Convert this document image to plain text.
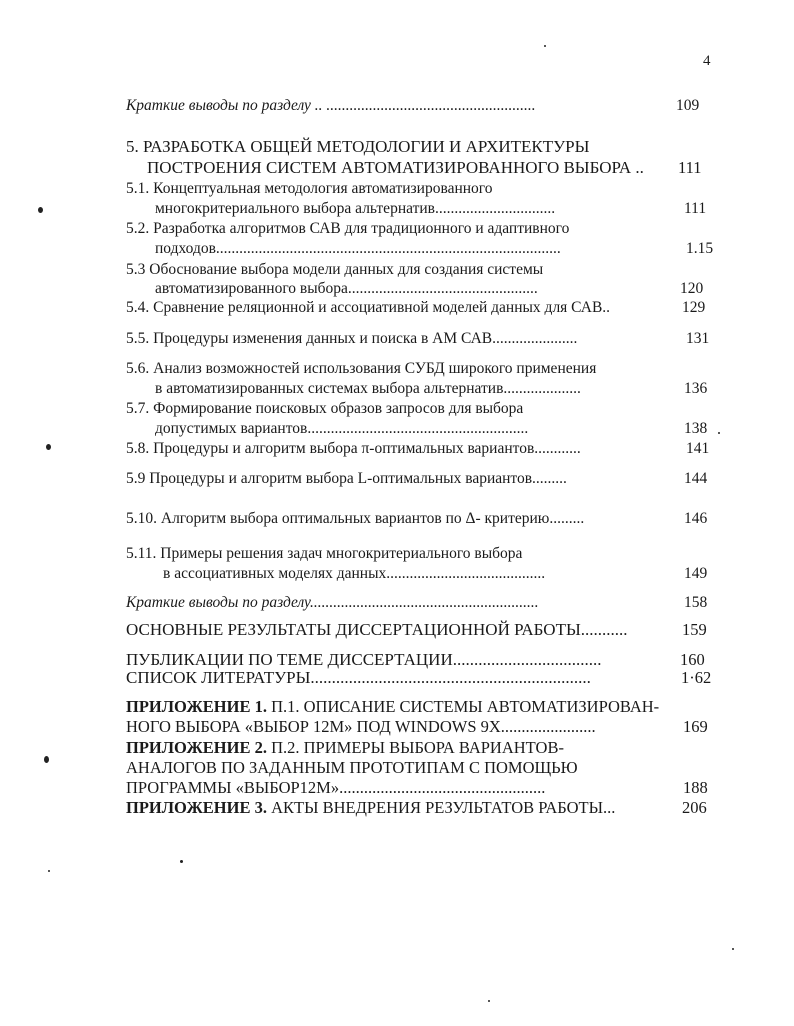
4
Краткие выводы по разделу .. ......................................................	109
5. РАЗРАБОТКА ОБЩЕЙ МЕТОДОЛОГИИ И АРХИТЕКТУРЫ
ПОСТРОЕНИЯ СИСТЕМ АВТОМАТИЗИРОВАННОГО ВЫБОРА .. 111
5.1. Концептуальная методология автоматизированного
многокритериального выбора альтернатив...............................	111
5.2. Разработка алгоритмов САВ для традиционного и адаптивного
подходов.........................................................................................	1.15
5.3 Обоснование выбора модели данных для создания системы
автоматизированного выбора.................................................	120
5.4. Сравнение реляционной и ассоциативной моделей данных для САВ..	129
5.5. Процедуры изменения данных и поиска в АМ САВ......................	131
5.6. Анализ возможностей использования СУБД широкого применения
в автоматизированных системах выбора альтернатив....................	136
5.7. Формирование поисковых образов запросов для выбора
допустимых вариантов.........................................................	138
5.8. Процедуры и алгоритм выбора π-оптимальных вариантов............	141
5.9 Процедуры и алгоритм выбора L-оптимальных вариантов.........	144
5.10. Алгоритм выбора оптимальных вариантов по Δ- критерию.........	146
5.11. Примеры решения задач многокритериального выбора
в ассоциативных моделях данных.........................................	149
Краткие выводы по разделу...........................................................	158
ОСНОВНЫЕ РЕЗУЛЬТАТЫ ДИССЕРТАЦИОННОЙ РАБОТЫ...........	159
ПУБЛИКАЦИИ ПО ТЕМЕ ДИССЕРТАЦИИ...................................	160
СПИСОК ЛИТЕРАТУРЫ..................................................................	1·62
ПРИЛОЖЕНИЕ 1. П.1. ОПИСАНИЕ СИСТЕМЫ АВТОМАТИЗИРОВАН-
НОГО ВЫБОРА «ВЫБОР 12М» ПОД WINDOWS 9X.......................	169
ПРИЛОЖЕНИЕ 2. П.2. ПРИМЕРЫ ВЫБОРА ВАРИАНТОВ-
АНАЛОГОВ ПО ЗАДАННЫМ ПРОТОТИПАМ С ПОМОЩЬЮ
ПРОГРАММЫ «ВЫБОР12М»..................................................	188
ПРИЛОЖЕНИЕ 3. АКТЫ ВНЕДРЕНИЯ РЕЗУЛЬТАТОВ РАБОТЫ...	206
